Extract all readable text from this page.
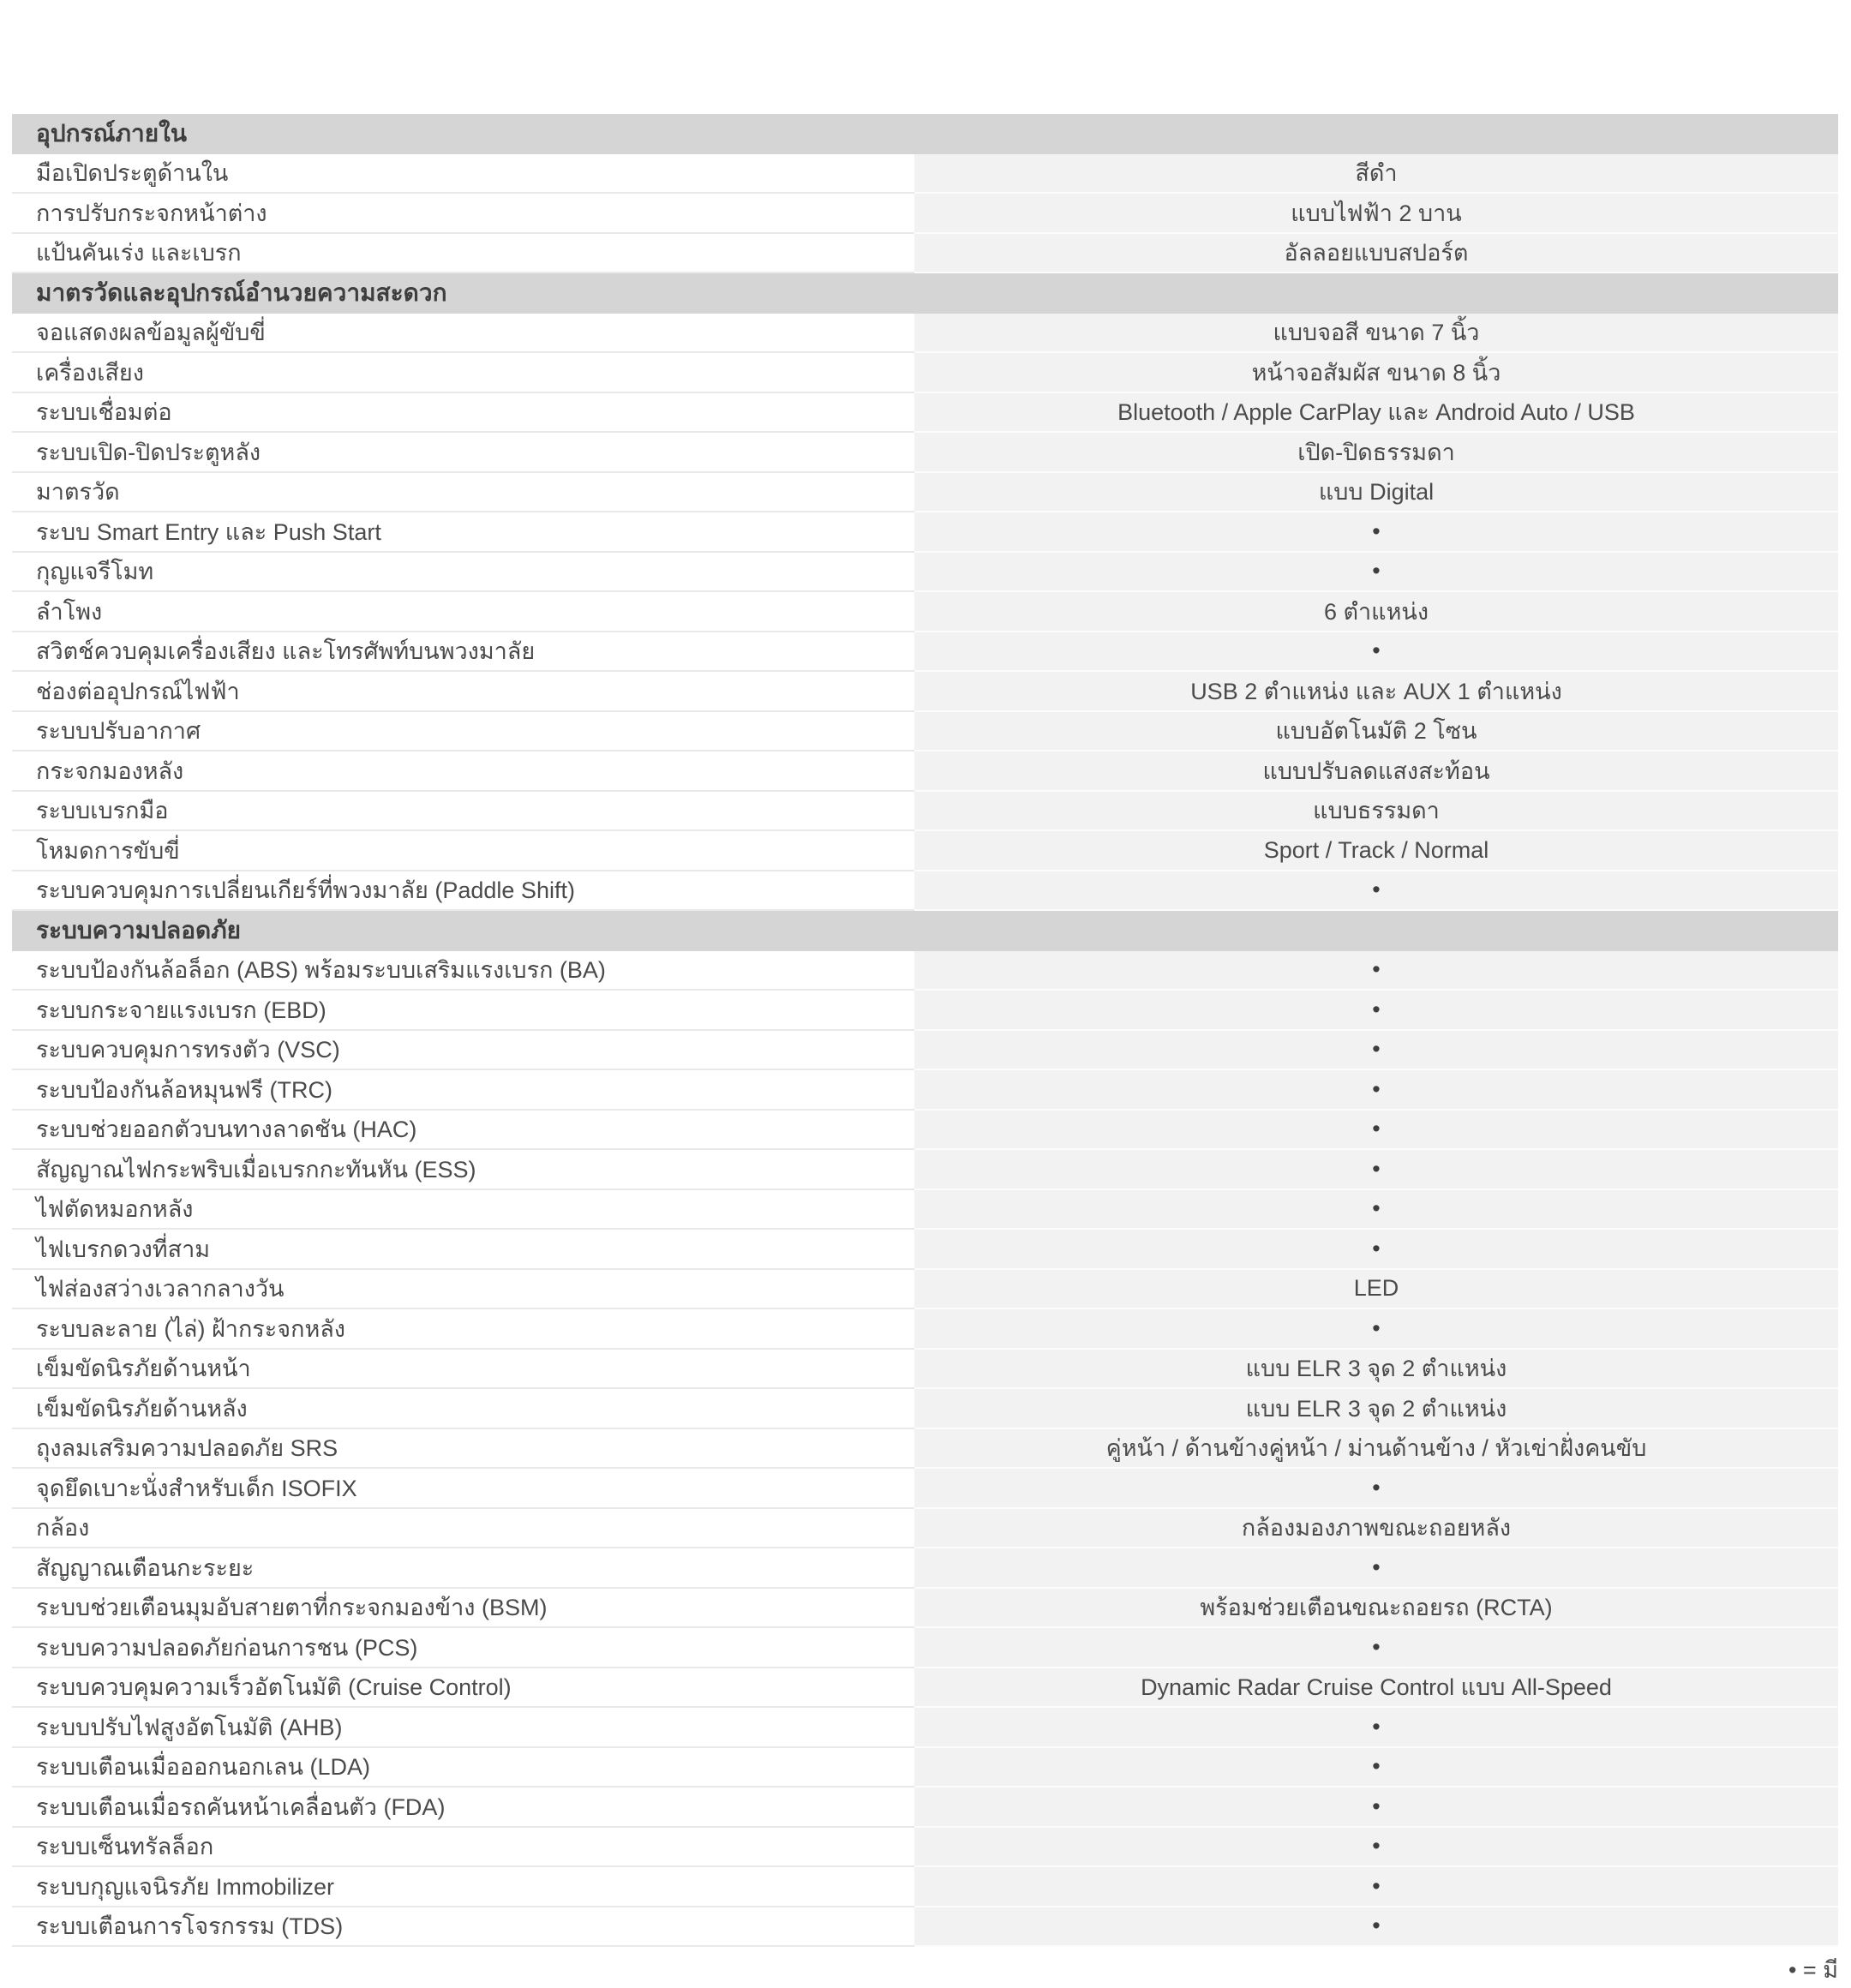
อุปกรณ์ภายใน
มือเปิดประตูด้านใน	สีดำ
การปรับกระจกหน้าต่าง	แบบไฟฟ้า 2 บาน
แป้นคันเร่ง และเบรก	อัลลอยแบบสปอร์ต
มาตรวัดและอุปกรณ์อำนวยความสะดวก
จอแสดงผลข้อมูลผู้ขับขี่	แบบจอสี ขนาด 7 นิ้ว
เครื่องเสียง	หน้าจอสัมผัส ขนาด 8 นิ้ว
ระบบเชื่อมต่อ	Bluetooth / Apple CarPlay และ Android Auto / USB
ระบบเปิด-ปิดประตูหลัง	เปิด-ปิดธรรมดา
มาตรวัด	แบบ Digital
ระบบ Smart Entry และ Push Start	•
กุญแจรีโมท	•
ลำโพง	6 ตำแหน่ง
สวิตช์ควบคุมเครื่องเสียง และโทรศัพท์บนพวงมาลัย	•
ช่องต่ออุปกรณ์ไฟฟ้า	USB 2 ตำแหน่ง และ AUX 1 ตำแหน่ง
ระบบปรับอากาศ	แบบอัตโนมัติ 2 โซน
กระจกมองหลัง	แบบปรับลดแสงสะท้อน
ระบบเบรกมือ	แบบธรรมดา
โหมดการขับขี่	Sport / Track / Normal
ระบบควบคุมการเปลี่ยนเกียร์ที่พวงมาลัย (Paddle Shift)	•
ระบบความปลอดภัย
ระบบป้องกันล้อล็อก (ABS) พร้อมระบบเสริมแรงเบรก (BA)	•
ระบบกระจายแรงเบรก (EBD)	•
ระบบควบคุมการทรงตัว (VSC)	•
ระบบป้องกันล้อหมุนฟรี (TRC)	•
ระบบช่วยออกตัวบนทางลาดชัน (HAC)	•
สัญญาณไฟกระพริบเมื่อเบรกกะทันหัน (ESS)	•
ไฟตัดหมอกหลัง	•
ไฟเบรกดวงที่สาม	•
ไฟส่องสว่างเวลากลางวัน	LED
ระบบละลาย (ไล่) ฝ้ากระจกหลัง	•
เข็มขัดนิรภัยด้านหน้า	แบบ ELR 3 จุด 2 ตำแหน่ง
เข็มขัดนิรภัยด้านหลัง	แบบ ELR 3 จุด 2 ตำแหน่ง
ถุงลมเสริมความปลอดภัย SRS	คู่หน้า / ด้านข้างคู่หน้า / ม่านด้านข้าง / หัวเข่าฝั่งคนขับ
จุดยึดเบาะนั่งสำหรับเด็ก ISOFIX	•
กล้อง	กล้องมองภาพขณะถอยหลัง
สัญญาณเตือนกะระยะ	•
ระบบช่วยเตือนมุมอับสายตาที่กระจกมองข้าง (BSM)	พร้อมช่วยเตือนขณะถอยรถ (RCTA)
ระบบความปลอดภัยก่อนการชน (PCS)	•
ระบบควบคุมความเร็วอัตโนมัติ (Cruise Control)	Dynamic Radar Cruise Control แบบ All-Speed
ระบบปรับไฟสูงอัตโนมัติ (AHB)	•
ระบบเตือนเมื่อออกนอกเลน (LDA)	•
ระบบเตือนเมื่อรถคันหน้าเคลื่อนตัว (FDA)	•
ระบบเซ็นทรัลล็อก	•
ระบบกุญแจนิรภัย Immobilizer	•
ระบบเตือนการโจรกรรม (TDS)	•
• = มี
